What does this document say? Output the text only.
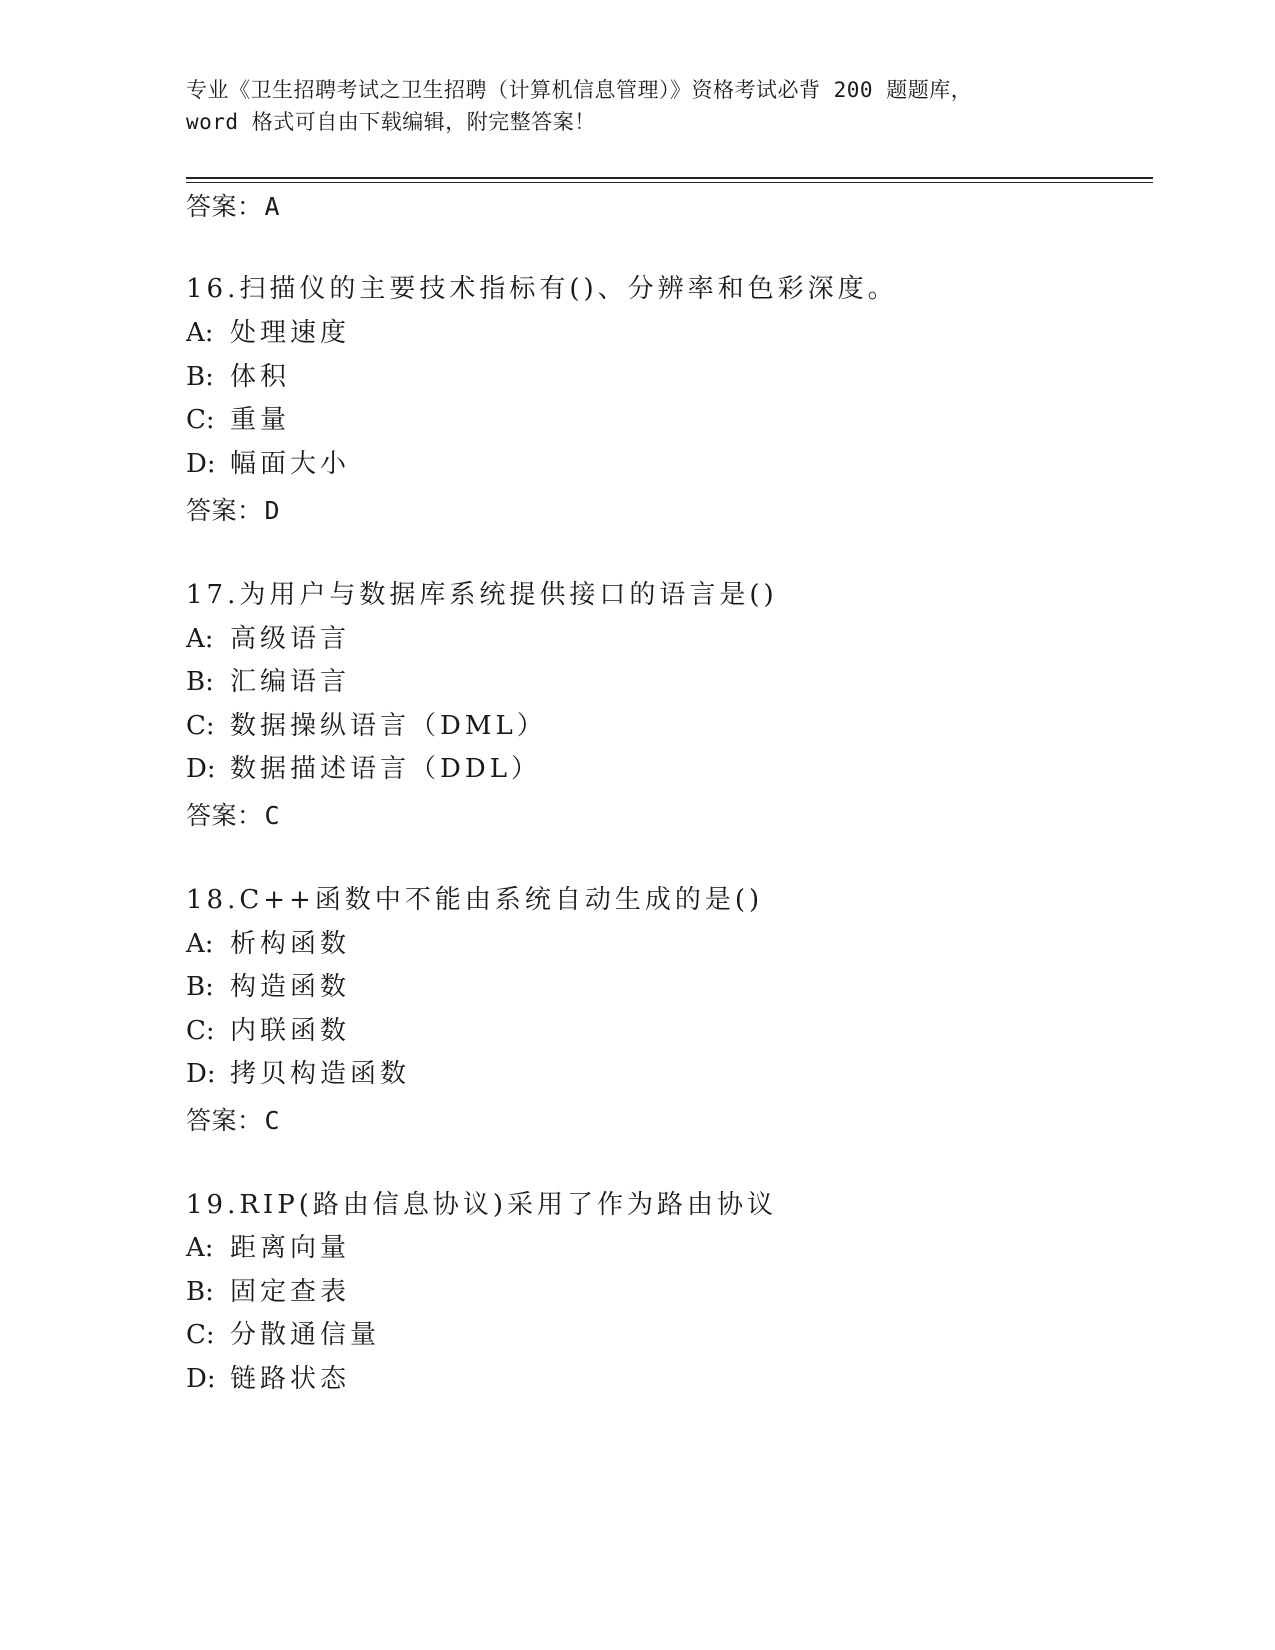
专业《卫生招聘考试之卫生招聘（计算机信息管理）》资格考试必背 200 题题库，
word 格式可自由下载编辑，附完整答案！
答案：A
16.扫描仪的主要技术指标有()、分辨率和色彩深度。
A: 处理速度
B: 体积
C: 重量
D: 幅面大小
答案：D
17.为用户与数据库系统提供接口的语言是()
A: 高级语言
B: 汇编语言
C: 数据操纵语言（DML）
D: 数据描述语言（DDL）
答案：C
18.C++函数中不能由系统自动生成的是()
A: 析构函数
B: 构造函数
C: 内联函数
D: 拷贝构造函数
答案：C
19.RIP(路由信息协议)采用了作为路由协议
A: 距离向量
B: 固定查表
C: 分散通信量
D: 链路状态
